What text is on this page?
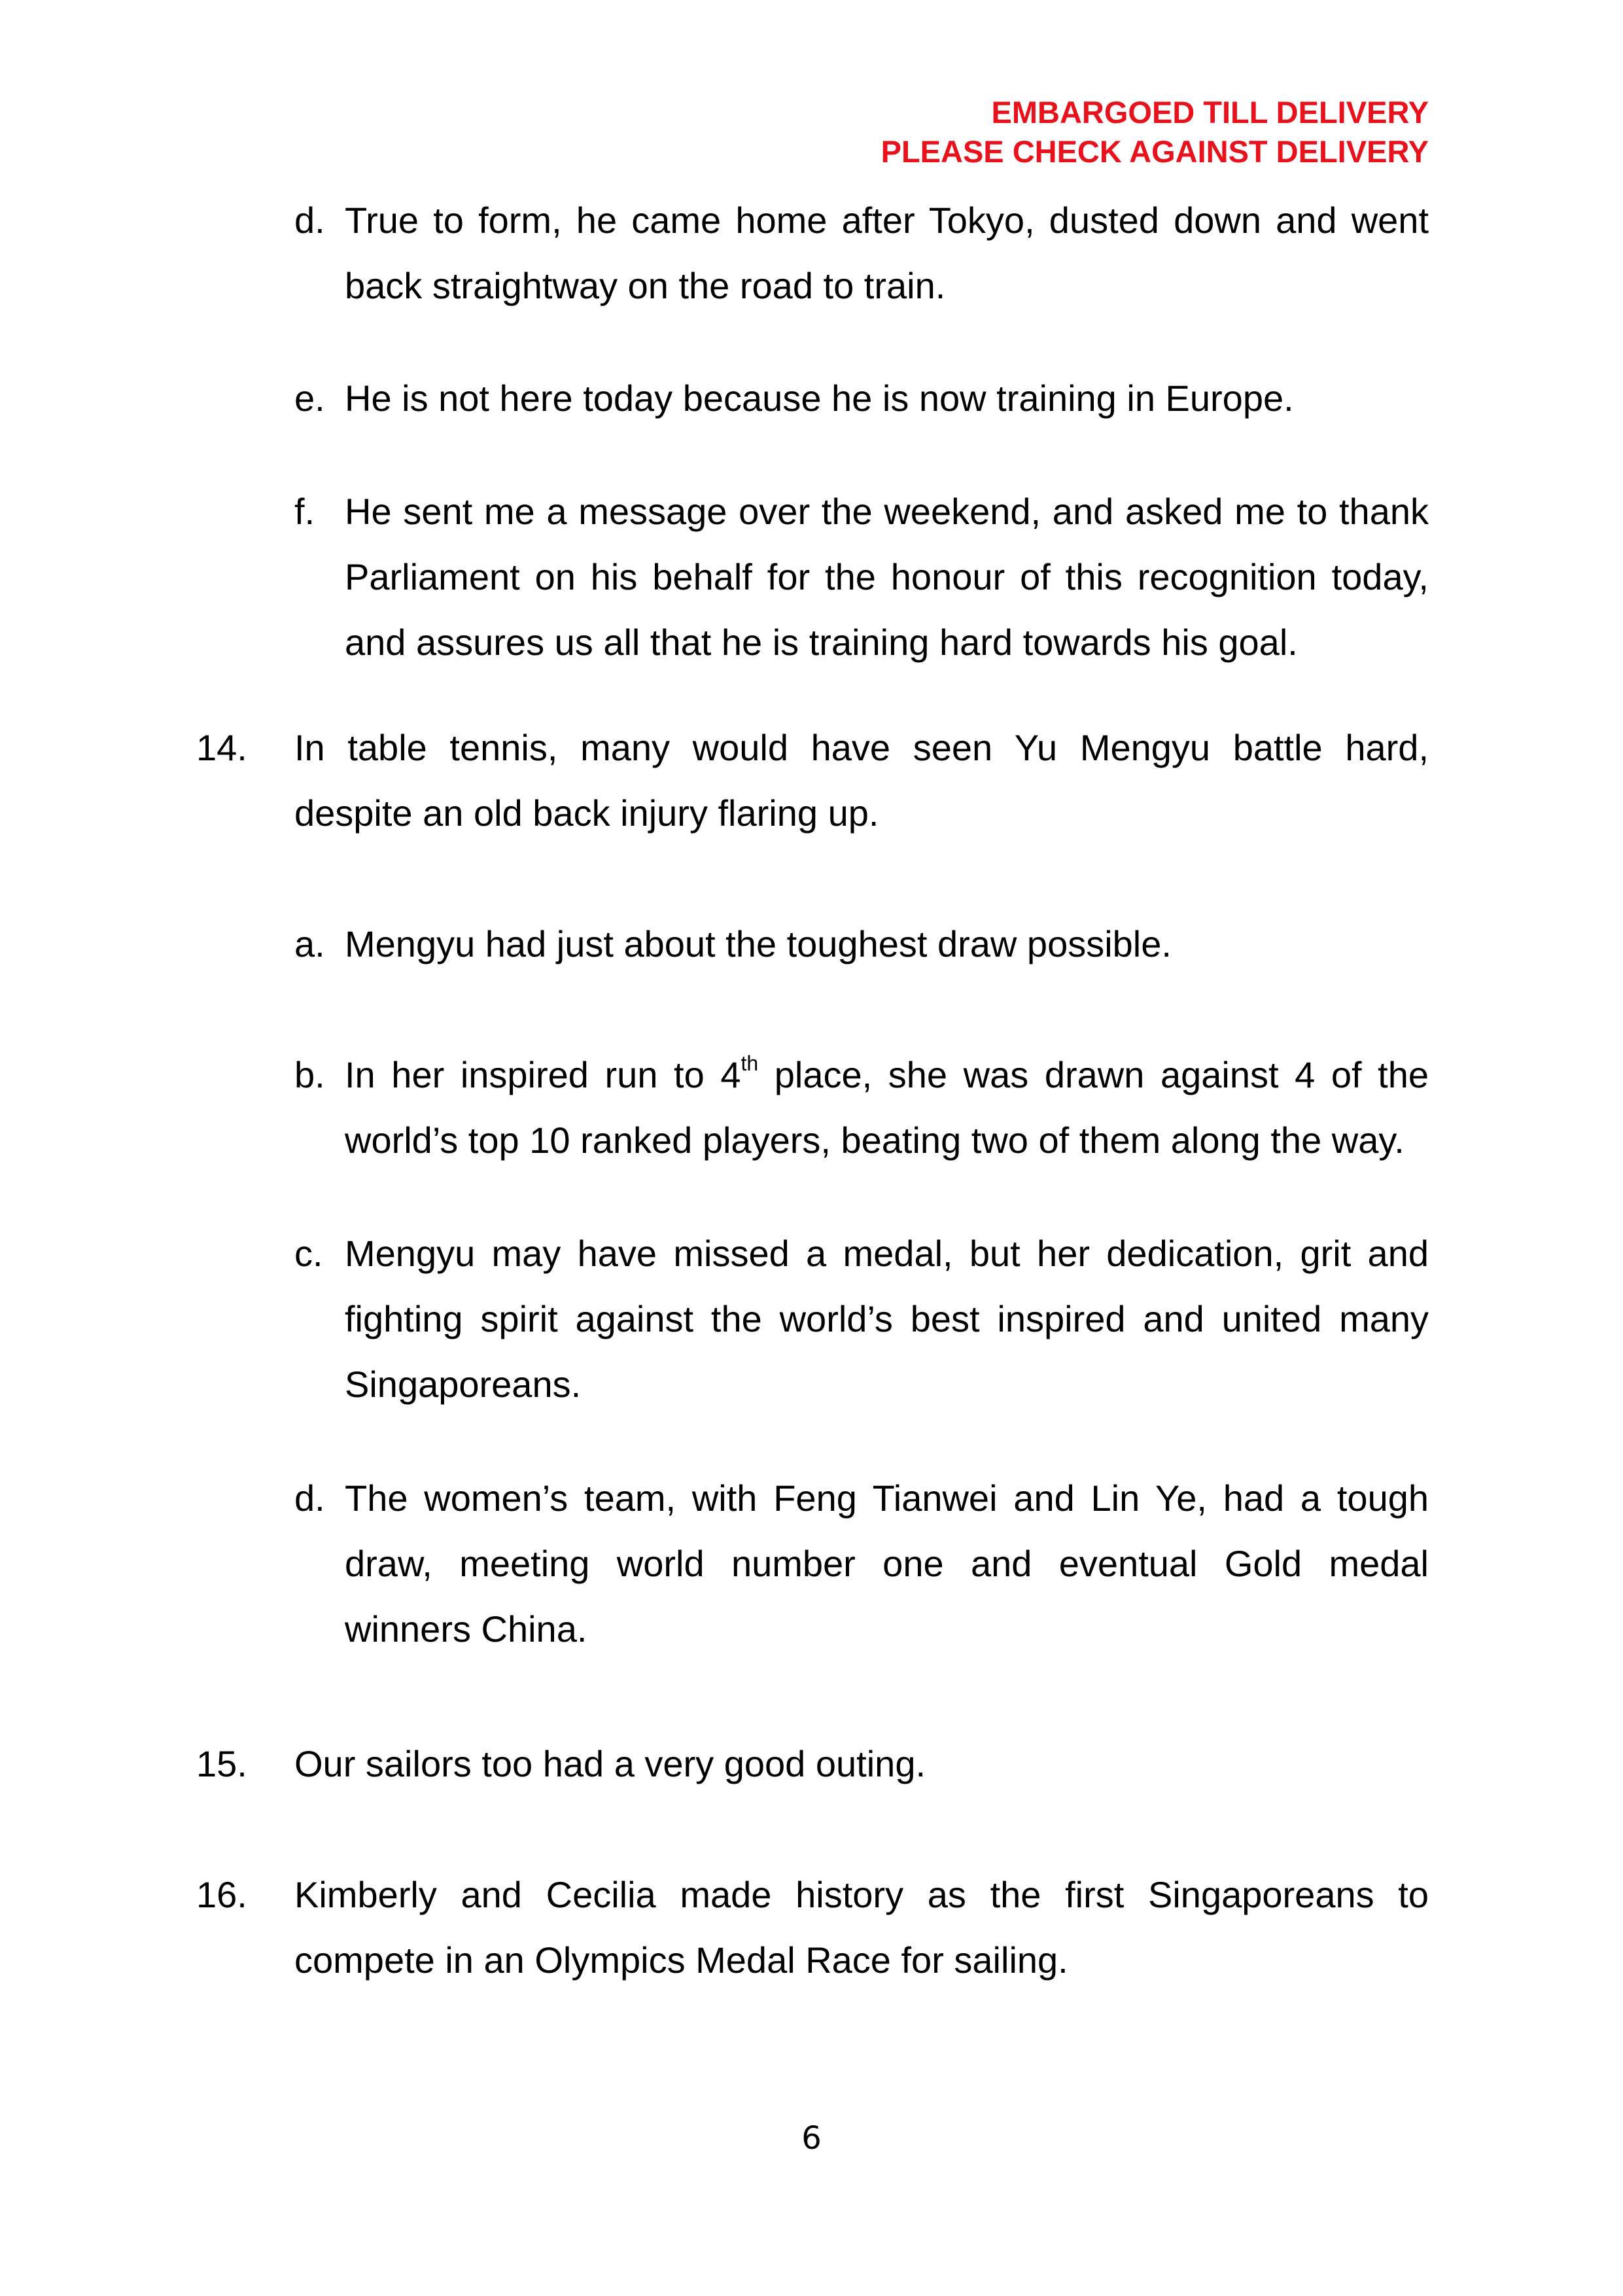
EMBARGOED TILL DELIVERY
PLEASE CHECK AGAINST DELIVERY
d. True to form, he came home after Tokyo, dusted down and went back straightway on the road to train.
e. He is not here today because he is now training in Europe.
f. He sent me a message over the weekend, and asked me to thank Parliament on his behalf for the honour of this recognition today, and assures us all that he is training hard towards his goal.
14. In table tennis, many would have seen Yu Mengyu battle hard, despite an old back injury flaring up.
a. Mengyu had just about the toughest draw possible.
b. In her inspired run to 4th place, she was drawn against 4 of the world’s top 10 ranked players, beating two of them along the way.
c. Mengyu may have missed a medal, but her dedication, grit and fighting spirit against the world’s best inspired and united many Singaporeans.
d. The women’s team, with Feng Tianwei and Lin Ye, had a tough draw, meeting world number one and eventual Gold medal winners China.
15. Our sailors too had a very good outing.
16. Kimberly and Cecilia made history as the first Singaporeans to compete in an Olympics Medal Race for sailing.
6
